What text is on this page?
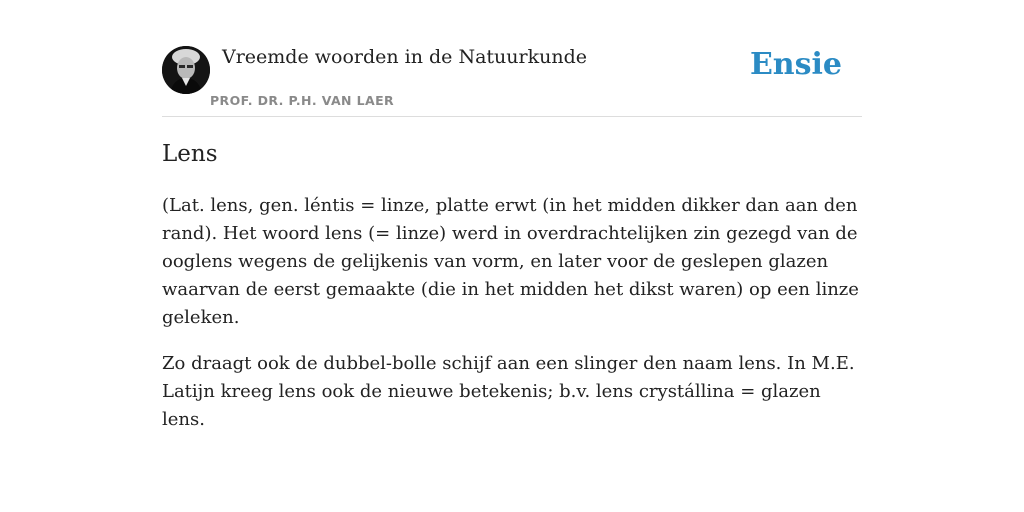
Vreemde woorden in de Natuurkunde
PROF. DR. P.H. VAN LAER
Ensie
Lens

(Lat. lens, gen. léntis = linze, platte erwt (in het midden dikker dan aan den rand). Het woord lens (= linze) werd in overdrachtelijken zin gezegd van de ooglens wegens de gelijkenis van vorm, en later voor de geslepen glazen waarvan de eerst gemaakte (die in het midden het dikst waren) op een linze geleken.

Zo draagt ook de dubbel-bolle schijf aan een slinger den naam lens. In M.E. Latijn kreeg lens ook de nieuwe betekenis; b.v. lens crystállina = glazen lens.
